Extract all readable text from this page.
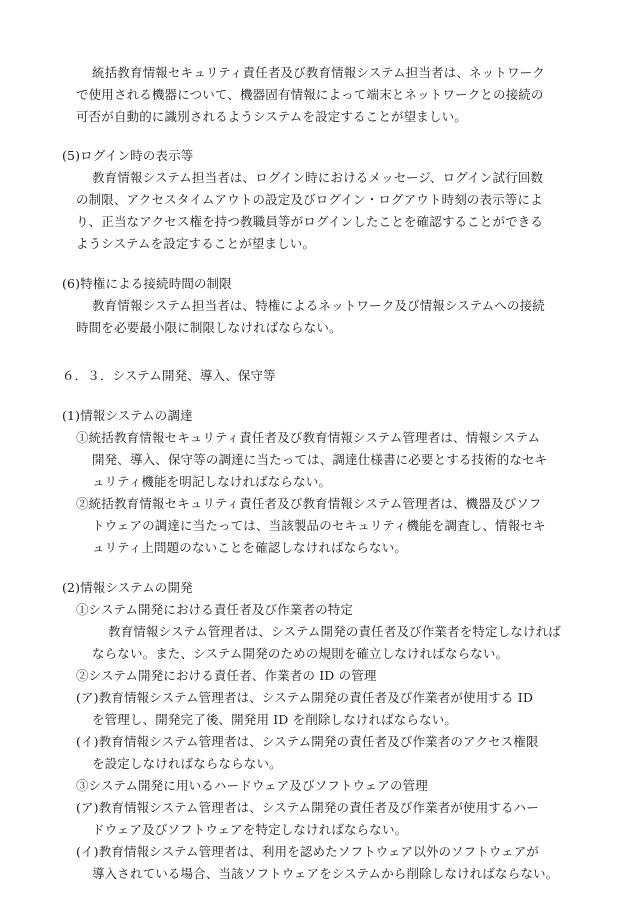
統括教育情報セキュリティ責任者及び教育情報システム担当者は、ネットワーク
で使用される機器について、機器固有情報によって端末とネットワークとの接続の
可否が自動的に識別されるようシステムを設定することが望ましい。
(5)ログイン時の表示等
教育情報システム担当者は、ログイン時におけるメッセージ、ログイン試行回数
の制限、アクセスタイムアウトの設定及びログイン・ログアウト時刻の表示等によ
り、正当なアクセス権を持つ教職員等がログインしたことを確認することができる
ようシステムを設定することが望ましい。
(6)特権による接続時間の制限
教育情報システム担当者は、特権によるネットワーク及び情報システムへの接続
時間を必要最小限に制限しなければならない。
６．３．システム開発、導入、保守等
(1)情報システムの調達
①統括教育情報セキュリティ責任者及び教育情報システム管理者は、情報システム
開発、導入、保守等の調達に当たっては、調達仕様書に必要とする技術的なセキ
ュリティ機能を明記しなければならない。
②統括教育情報セキュリティ責任者及び教育情報システム管理者は、機器及びソフ
トウェアの調達に当たっては、当該製品のセキュリティ機能を調査し、情報セキ
ュリティ上問題のないことを確認しなければならない。
(2)情報システムの開発
①システム開発における責任者及び作業者の特定
教育情報システム管理者は、システム開発の責任者及び作業者を特定しなければ
ならない。また、システム開発のための規則を確立しなければならない。
②システム開発における責任者、作業者の ID の管理
(ア)教育情報システム管理者は、システム開発の責任者及び作業者が使用する ID
を管理し、開発完了後、開発用 ID を削除しなければならない。
(イ)教育情報システム管理者は、システム開発の責任者及び作業者のアクセス権限
を設定しなければならならない。
③システム開発に用いるハードウェア及びソフトウェアの管理
(ア)教育情報システム管理者は、システム開発の責任者及び作業者が使用するハー
ドウェア及びソフトウェアを特定しなければならない。
(イ)教育情報システム管理者は、利用を認めたソフトウェア以外のソフトウェアが
導入されている場合、当該ソフトウェアをシステムから削除しなければならない。
